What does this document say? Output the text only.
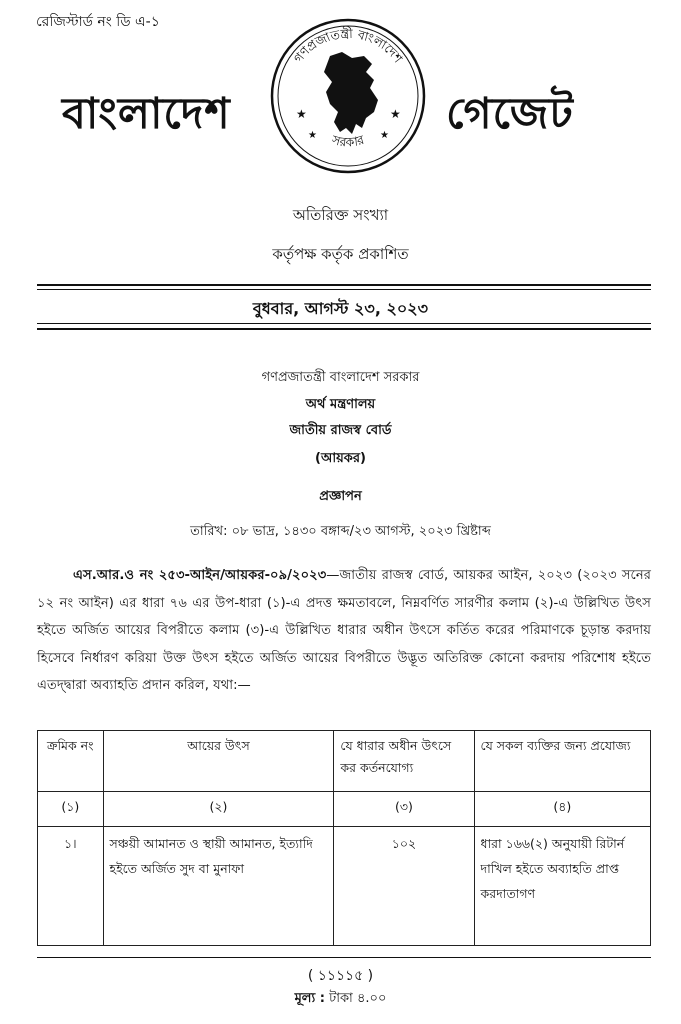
রেজিস্টার্ড নং ডি এ-১
বাংলাদেশ
গণপ্রজাতন্ত্রী বাংলাদেশ
সরকার
★	★
★	★ গেজেট
অতিরিক্ত সংখ্যা
কর্তৃপক্ষ কর্তৃক প্রকাশিত
বুধবার, আগস্ট ২৩, ২০২৩
গণপ্রজাতন্ত্রী বাংলাদেশ সরকার
অর্থ মন্ত্রণালয়
জাতীয় রাজস্ব বোর্ড
(আয়কর)
প্রজ্ঞাপন
তারিখ: ০৮ ভাদ্র, ১৪৩০ বঙ্গাব্দ/২৩ আগস্ট, ২০২৩ খ্রিষ্টাব্দ
এস.আর.ও নং ২৫৩-আইন/আয়কর-০৯/২০২৩—জাতীয় রাজস্ব বোর্ড, আয়কর আইন, ২০২৩ (২০২৩ সনের ১২ নং আইন) এর ধারা ৭৬ এর উপ-ধারা (১)-এ প্রদত্ত ক্ষমতাবলে, নিম্নবর্ণিত সারণীর কলাম (২)-এ উল্লিখিত উৎস হইতে অর্জিত আয়ের বিপরীতে কলাম (৩)-এ উল্লিখিত ধারার অধীন উৎসে কর্তিত করের পরিমাণকে চূড়ান্ত করদায় হিসেবে নির্ধারণ করিয়া উক্ত উৎস হইতে অর্জিত আয়ের বিপরীতে উদ্ভূত অতিরিক্ত কোনো করদায় পরিশোধ হইতে এতদ্দ্বারা অব্যাহতি প্রদান করিল, যথা:—
ক্রমিক নং	আয়ের উৎস	যে ধারার অধীন উৎসে কর কর্তনযোগ্য	যে সকল ব্যক্তির জন্য প্রযোজ্য
(১)	(২)	(৩)	(৪)
১।	সঞ্চয়ী আমানত ও স্থায়ী আমানত, ইত্যাদি হইতে অর্জিত সুদ বা মুনাফা	১০২	ধারা ১৬৬(২) অনুযায়ী রিটার্ন দাখিল হইতে অব্যাহতি প্রাপ্ত করদাতাগণ
( ১১১১৫ )
মূল্য : টাকা ৪.০০
